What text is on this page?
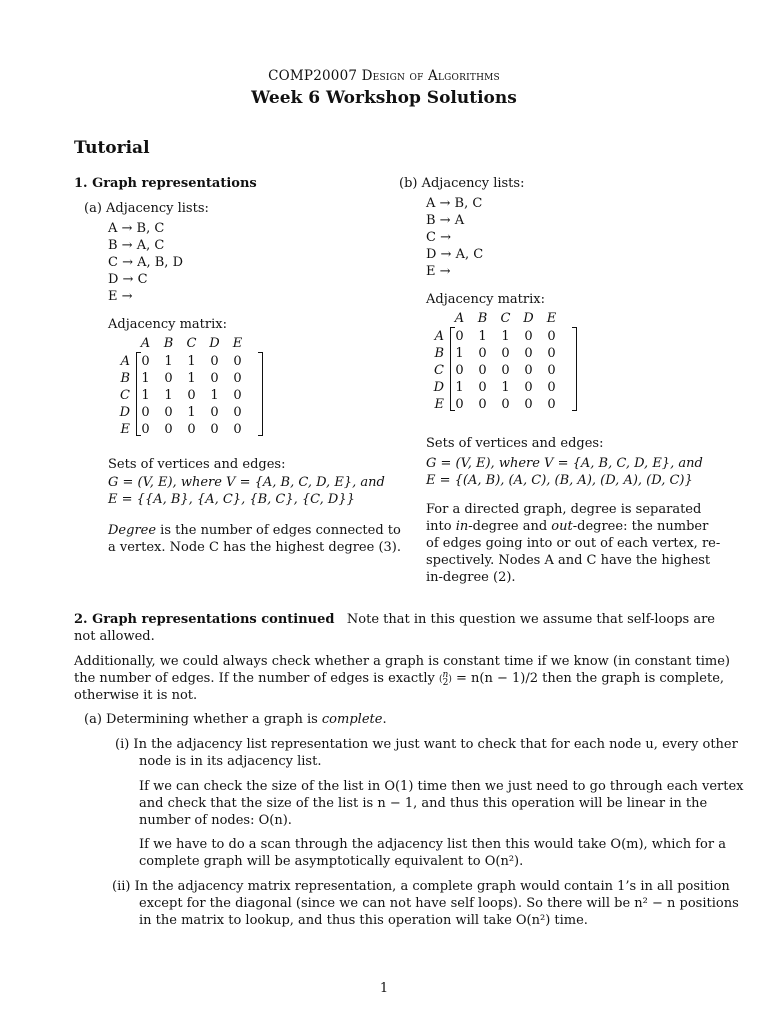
COMP20007 Design of Algorithms
Week 6 Workshop Solutions
Tutorial
1. Graph representations
(a) Adjacency lists:
A → B, C
B → A, C
C → A, B, D
D → C
E →
Adjacency matrix:
	A	B	C	D	E
A	0	1	1	0	0
B	1	0	1	0	0
C	1	1	0	1	0
D	0	0	1	0	0
E	0	0	0	0	0
Sets of vertices and edges:
G = (V, E), where V = {A, B, C, D, E}, and
E = {{A, B}, {A, C}, {B, C}, {C, D}}
Degree is the number of edges connected to
a vertex. Node C has the highest degree (3).
(b) Adjacency lists:
A → B, C
B → A
C →
D → A, C
E →
Adjacency matrix:
	A	B	C	D	E
A	0	1	1	0	0
B	1	0	0	0	0
C	0	0	0	0	0
D	1	0	1	0	0
E	0	0	0	0	0
Sets of vertices and edges:
G = (V, E), where V = {A, B, C, D, E}, and
E = {(A, B), (A, C), (B, A), (D, A), (D, C)}
For a directed graph, degree is separated
into in-degree and out-degree: the number
of edges going into or out of each vertex, re-
spectively. Nodes A and C have the highest
in-degree (2).
2. Graph representations continued Note that in this question we assume that self-loops are
not allowed.
Additionally, we could always check whether a graph is constant time if we know (in constant time)
the number of edges. If the number of edges is exactly ( n
2 ) = n(n − 1)/2 then the graph is complete,
otherwise it is not.
(a) Determining whether a graph is complete.
(i) In the adjacency list representation we just want to check that for each node u, every other
node is in its adjacency list.
If we can check the size of the list in O(1) time then we just need to go through each vertex
and check that the size of the list is n − 1, and thus this operation will be linear in the
number of nodes: O(n).
If we have to do a scan through the adjacency list then this would take O(m), which for a
complete graph will be asymptotically equivalent to O(n²).
(ii) In the adjacency matrix representation, a complete graph would contain 1’s in all position
except for the diagonal (since we can not have self loops). So there will be n² − n positions
in the matrix to lookup, and thus this operation will take O(n²) time.
1
